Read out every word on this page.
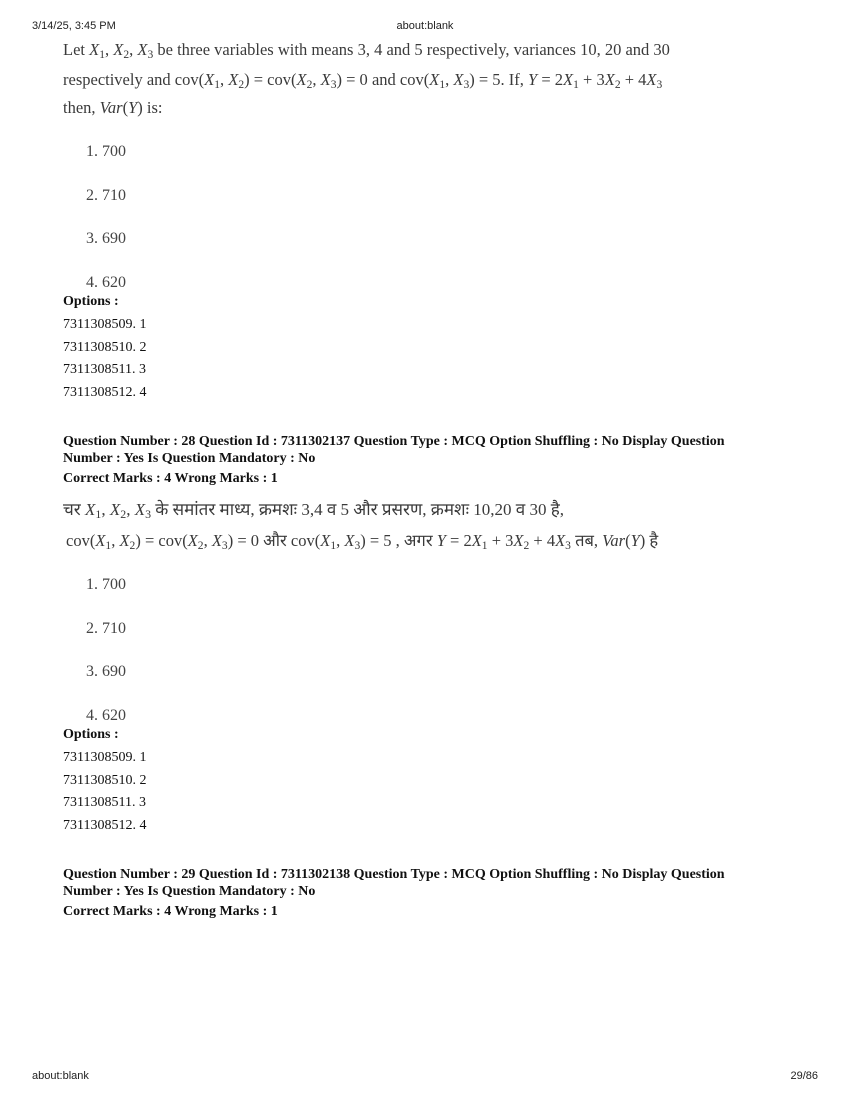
3/14/25, 3:45 PM	about:blank
Let $X_1$, $X_2$, $X_3$ be three variables with means 3, 4 and 5 respectively, variances 10, 20 and 30
respectively and $cov(X_1$, $X_2) = cov(X_2$, $X_3) = 0$ and $cov(X_1$, $X_3) = 5$. If, $Y = 2X_1 + 3X_2 + 4X_3$
then, Var(Y) is:
1. 700
2. 710
3. 690
4. 620
Options :
7311308509. 1
7311308510. 2
7311308511. 3
7311308512. 4
Question Number : 28 Question Id : 7311302137 Question Type : MCQ Option Shuffling : No Display Question
Number : Yes Is Question Mandatory : No
Correct Marks : 4 Wrong Marks : 1
चर $X_1$, $X_2$, $X_3$ के समांतर माध्य, क्रमशः 3,4 व 5 और प्रसरण, क्रमशः 10,20 व 30 है,
$cov(X_1$, $X_2) = cov(X_2$, $X_3) = 0$ और $cov(X_1$, $X_3) = 5$ , अगर $Y = 2X_1 + 3X_2 + 4X_3$ तब, Var(Y) है
1. 700
2. 710
3. 690
4. 620
Options :
7311308509. 1
7311308510. 2
7311308511. 3
7311308512. 4
Question Number : 29 Question Id : 7311302138 Question Type : MCQ Option Shuffling : No Display Question
Number : Yes Is Question Mandatory : No
Correct Marks : 4 Wrong Marks : 1
about:blank	29/86
